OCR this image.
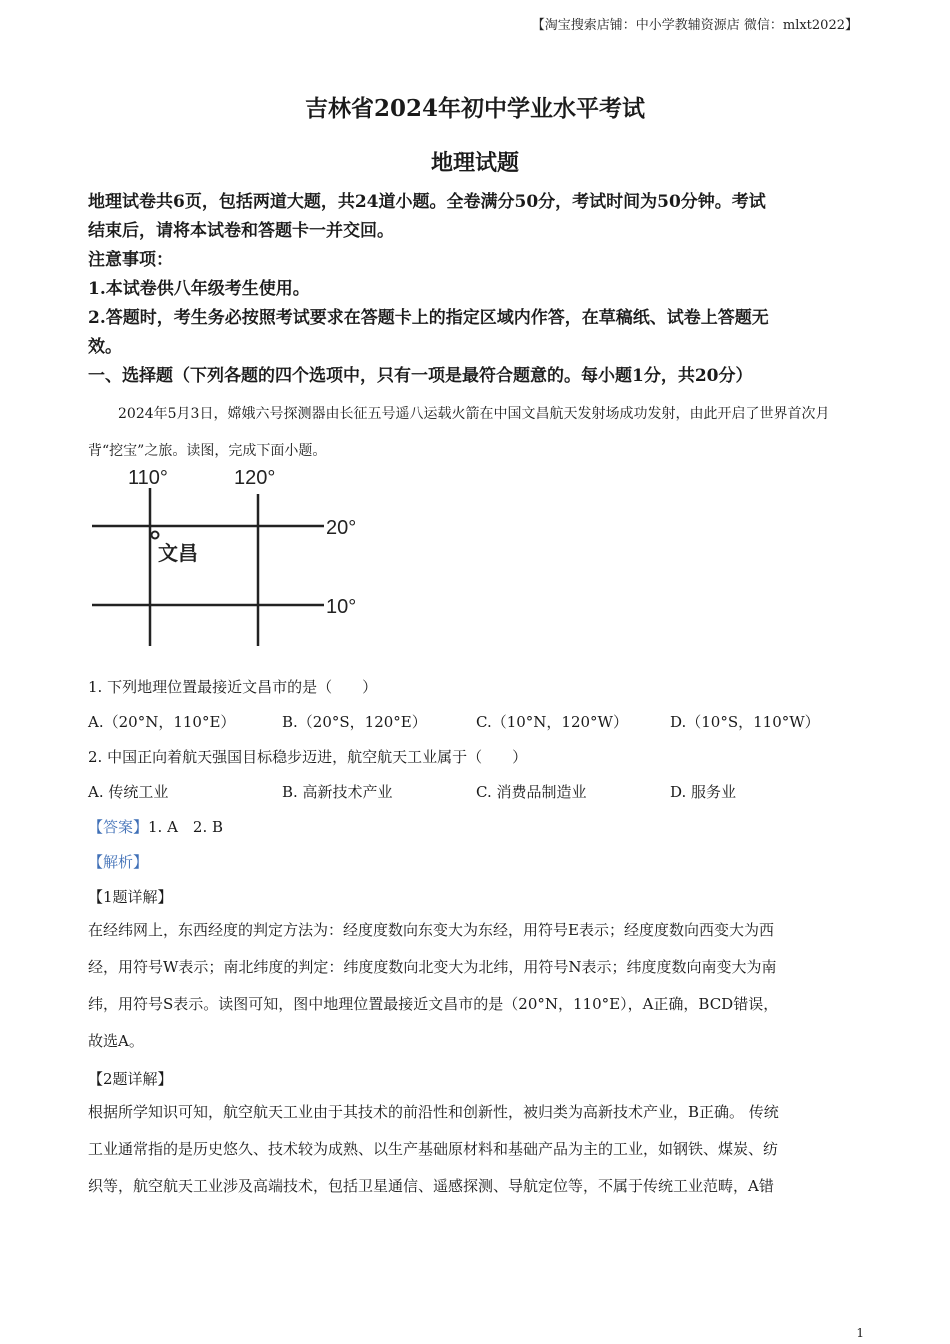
【淘宝搜索店铺：中小学教辅资源店 微信：mlxt2022】
吉林省2024年初中学业水平考试
地理试题
地理试卷共6页，包括两道大题，共24道小题。全卷满分50分，考试时间为50分钟。考试
结束后，请将本试卷和答题卡一并交回。
注意事项：
1.本试卷供八年级考生使用。
2.答题时，考生务必按照考试要求在答题卡上的指定区域内作答，在草稿纸、试卷上答题无
效。
一、选择题（下列各题的四个选项中，只有一项是最符合题意的。每小题1分，共20分）

2024年5月3日，嫦娥六号探测器由长征五号遥八运载火箭在中国文昌航天发射场成功发射，由此开启了世界首次月背“挖宝”之旅。读图，完成下面小题。

110°	120°
20°
10°
文昌
1. 下列地理位置最接近文昌市的是（　　）
A.（20°N，110°E）	B.（20°S，120°E）	C.（10°N，120°W）	D.（10°S，110°W）
2. 中国正向着航天强国目标稳步迈进，航空航天工业属于（　　）
A. 传统工业	B. 高新技术产业	C. 消费品制造业	D. 服务业
【答案】1. A　2. B
【解析】
【1题详解】

在经纬网上，东西经度的判定方法为：经度度数向东变大为东经，用符号E表示；经度度数向西变大为西

经，用符号W表示；南北纬度的判定：纬度度数向北变大为北纬，用符号N表示；纬度度数向南变大为南

纬，用符号S表示。读图可知，图中地理位置最接近文昌市的是（20°N，110°E），A正确，BCD错误，

故选A。

【2题详解】

根据所学知识可知，航空航天工业由于其技术的前沿性和创新性，被归类为高新技术产业，B正确。 传统

工业通常指的是历史悠久、技术较为成熟、以生产基础原材料和基础产品为主的工业，如钢铁、煤炭、纺

织等，航空航天工业涉及高端技术，包括卫星通信、遥感探测、导航定位等，不属于传统工业范畴，A错

1
